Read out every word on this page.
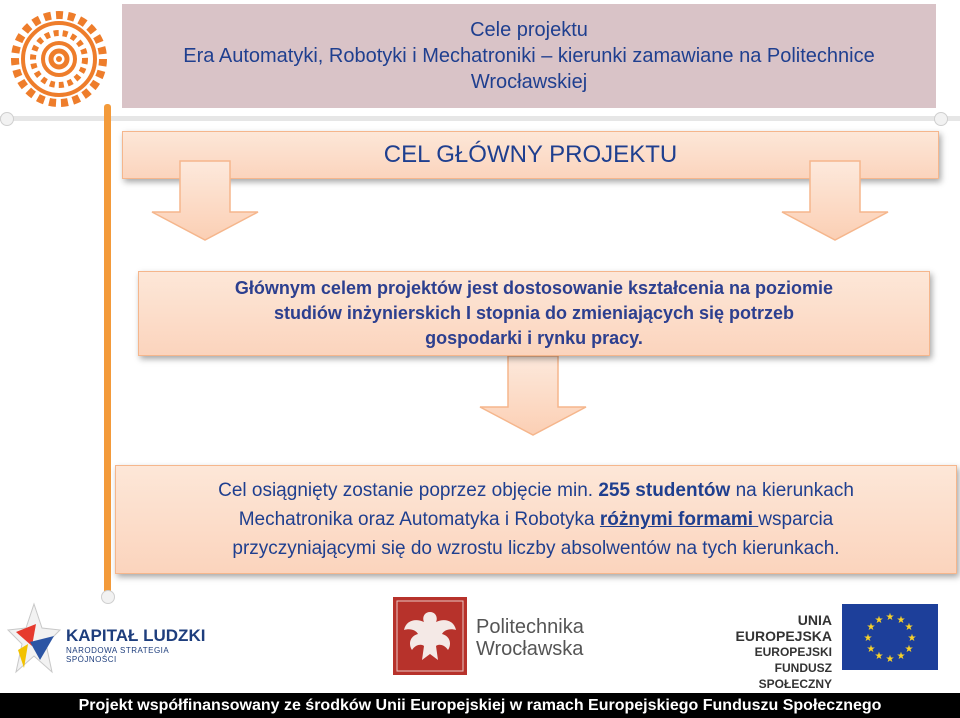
Cele projektu
Era Automatyki, Robotyki i Mechatroniki – kierunki zamawiane na Politechnice
Wrocławskiej
CEL GŁÓWNY PROJEKTU
Głównym celem projektów jest dostosowanie kształcenia na poziomie
studiów inżynierskich I stopnia do zmieniających się potrzeb
gospodarki i rynku pracy.
Cel osiągnięty zostanie poprzez objęcie min. 255 studentów na kierunkach
Mechatronika oraz Automatyka i Robotyka różnymi formami wsparcia
przyczyniającymi się do wzrostu liczby absolwentów na tych kierunkach.
KAPITAŁ LUDZKI
NARODOWA STRATEGIA SPÓJNOŚCI
Politechnika
Wrocławska
UNIA EUROPEJSKA
EUROPEJSKI
FUNDUSZ SPOŁECZNY
★ ★
★
★
★
★
★
★
★
★
★
★
Projekt współfinansowany ze środków Unii Europejskiej w ramach Europejskiego Funduszu Społecznego
